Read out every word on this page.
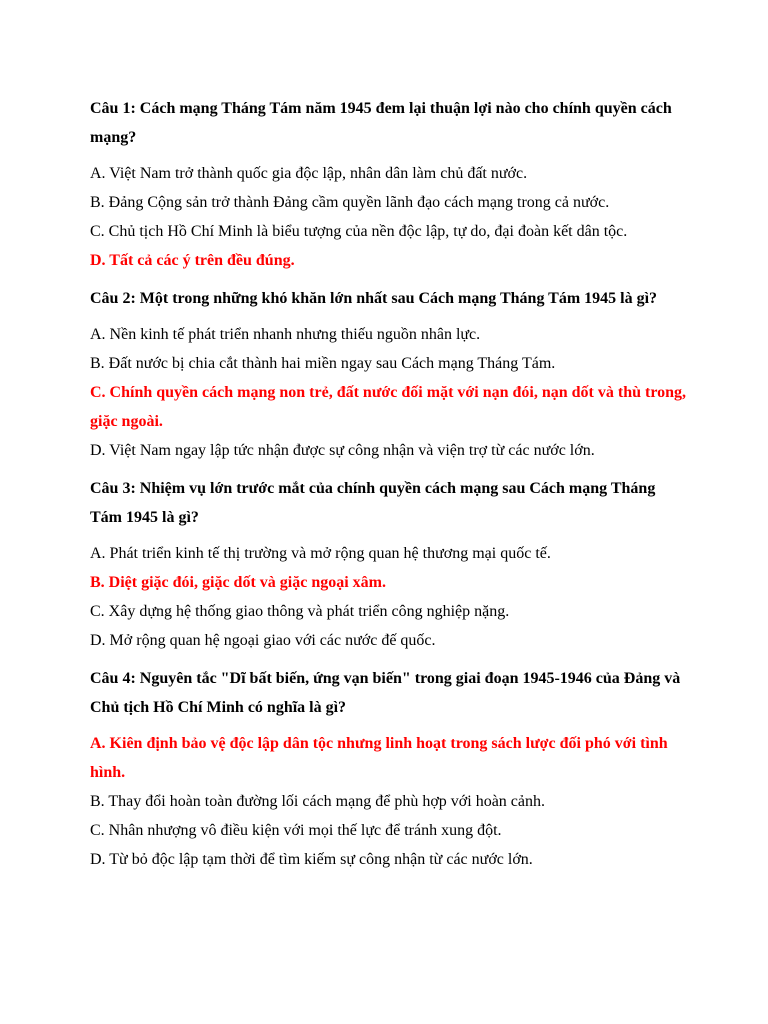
Câu 1: Cách mạng Tháng Tám năm 1945 đem lại thuận lợi nào cho chính quyền cách mạng?

A. Việt Nam trở thành quốc gia độc lập, nhân dân làm chủ đất nước.

B. Đảng Cộng sản trở thành Đảng cầm quyền lãnh đạo cách mạng trong cả nước.

C. Chủ tịch Hồ Chí Minh là biểu tượng của nền độc lập, tự do, đại đoàn kết dân tộc.

D. Tất cả các ý trên đều đúng.

Câu 2: Một trong những khó khăn lớn nhất sau Cách mạng Tháng Tám 1945 là gì?

A. Nền kinh tế phát triển nhanh nhưng thiếu nguồn nhân lực.

B. Đất nước bị chia cắt thành hai miền ngay sau Cách mạng Tháng Tám.

C. Chính quyền cách mạng non trẻ, đất nước đối mặt với nạn đói, nạn dốt và thù trong, giặc ngoài.

D. Việt Nam ngay lập tức nhận được sự công nhận và viện trợ từ các nước lớn.

Câu 3: Nhiệm vụ lớn trước mắt của chính quyền cách mạng sau Cách mạng Tháng Tám 1945 là gì?

A. Phát triển kinh tế thị trường và mở rộng quan hệ thương mại quốc tế.

B. Diệt giặc đói, giặc dốt và giặc ngoại xâm.

C. Xây dựng hệ thống giao thông và phát triển công nghiệp nặng.

D. Mở rộng quan hệ ngoại giao với các nước đế quốc.

Câu 4: Nguyên tắc "Dĩ bất biến, ứng vạn biến" trong giai đoạn 1945-1946 của Đảng và Chủ tịch Hồ Chí Minh có nghĩa là gì?

A. Kiên định bảo vệ độc lập dân tộc nhưng linh hoạt trong sách lược đối phó với tình hình.

B. Thay đổi hoàn toàn đường lối cách mạng để phù hợp với hoàn cảnh.

C. Nhân nhượng vô điều kiện với mọi thế lực để tránh xung đột.

D. Từ bỏ độc lập tạm thời để tìm kiếm sự công nhận từ các nước lớn.
